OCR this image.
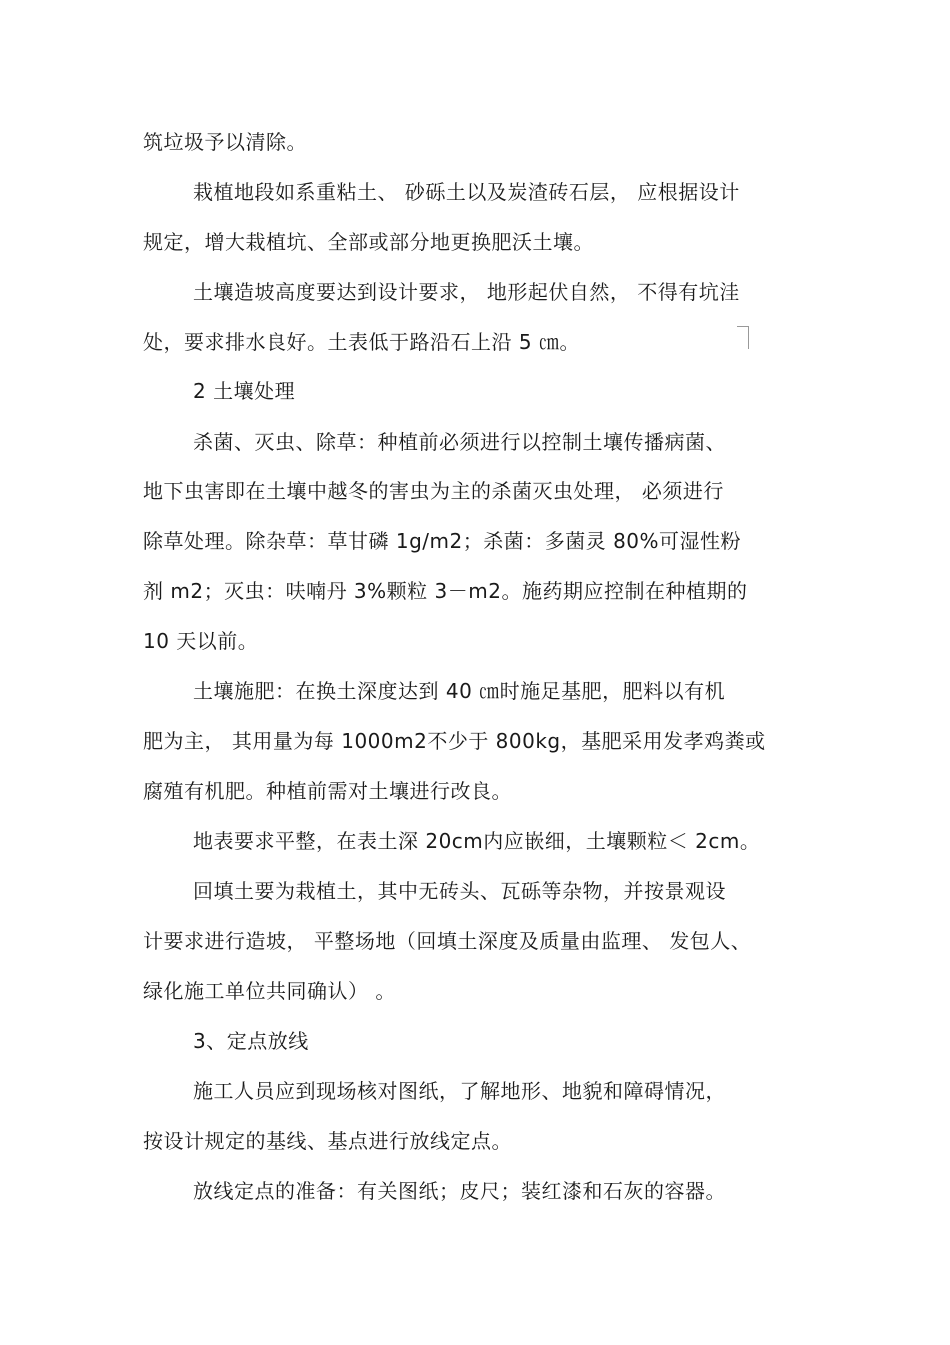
筑垃圾予以清除。
栽植地段如系重粘土、 砂砾土以及炭渣砖石层， 应根据设计
规定，增大栽植坑、全部或部分地更换肥沃土壤。
土壤造坡高度要达到设计要求， 地形起伏自然， 不得有坑洼
处，要求排水良好。土表低于路沿石上沿 5 ㎝。
2 土壤处理
杀菌、灭虫、除草：种植前必须进行以控制土壤传播病菌、
地下虫害即在土壤中越冬的害虫为主的杀菌灭虫处理， 必须进行
除草处理。除杂草：草甘磷 1g/m2；杀菌：多菌灵 80%可湿性粉
剂 m2；灭虫：呋喃丹 3%颗粒 3－m2。施药期应控制在种植期的
10 天以前。
土壤施肥：在换土深度达到 40 ㎝时施足基肥，肥料以有机
肥为主， 其用量为每 1000m2不少于 800kg，基肥采用发孝鸡粪或
腐殖有机肥。种植前需对土壤进行改良。
地表要求平整，在表土深 20cm内应嵌细，土壤颗粒＜ 2cm。
回填土要为栽植土，其中无砖头、瓦砾等杂物，并按景观设
计要求进行造坡， 平整场地（回填土深度及质量由监理、 发包人、
绿化施工单位共同确认） 。
3、定点放线
施工人员应到现场核对图纸，了解地形、地貌和障碍情况，
按设计规定的基线、基点进行放线定点。
放线定点的准备：有关图纸；皮尺；装红漆和石灰的容器。
